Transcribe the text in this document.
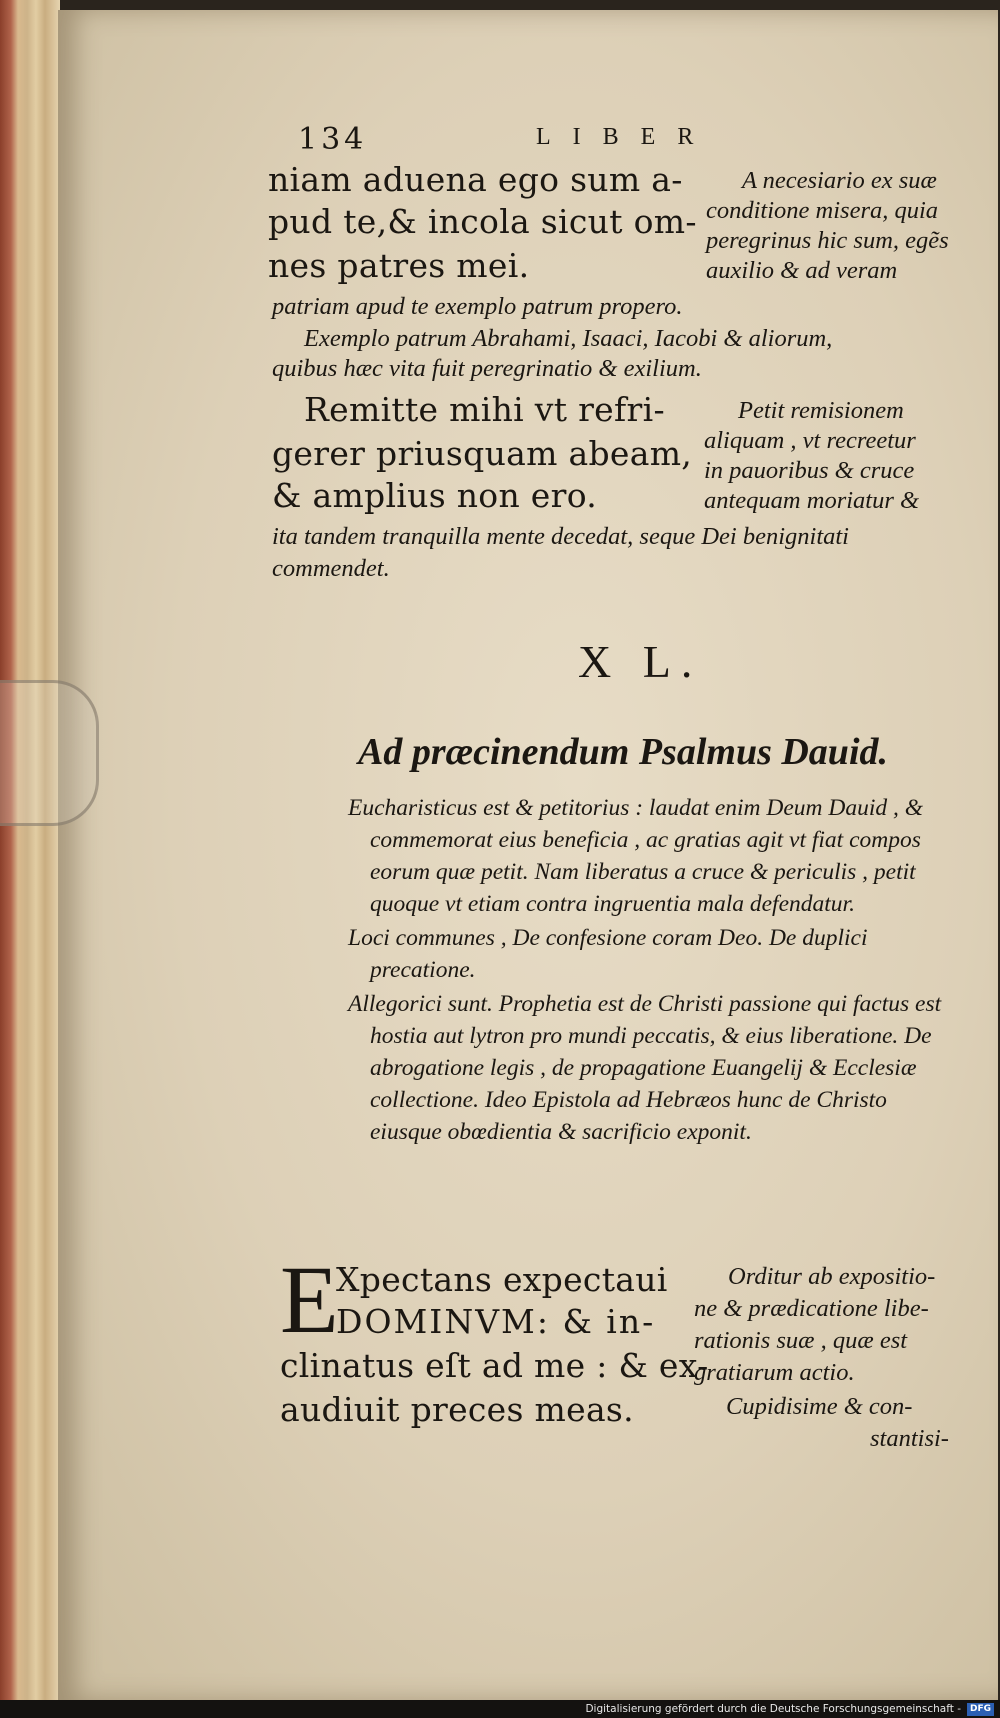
134	LIBER
niam aduena ego sum a-
pud te,& incola sicut om-
nes patres mei.
A necesiario ex suæ
conditione misera, quia
peregrinus hic sum, egẽs
auxilio & ad veram
patriam apud te exemplo patrum propero.
Exemplo patrum Abrahami, Isaaci, Iacobi & aliorum,
quibus hæc vita fuit peregrinatio & exilium.
Remitte mihi vt refri-
gerer priusquam abeam,
& amplius non ero.
Petit remisionem
aliquam , vt recreetur
in pauoribus & cruce
antequam moriatur &
ita tandem tranquilla mente decedat, seque Dei benignitati
commendet.
X L.
Ad præcinendum Psalmus Dauid.

Eucharisticus est & petitorius : laudat enim Deum Dauid , & commemorat eius beneficia , ac gratias agit vt fiat compos eorum quæ petit. Nam liberatus a cruce & periculis , petit quoque vt etiam contra ingruentia mala defendatur.

Loci communes , De confesione coram Deo. De duplici precatione.

Allegorici sunt. Prophetia est de Christi passione qui factus est hostia aut lytron pro mundi peccatis, & eius liberatione. De abrogatione legis , de propagatione Euangelij & Ecclesiæ collectione. Ideo Epistola ad Hebræos hunc de Christo eiusque obœdientia & sacrificio exponit.

E
Xpectans expectaui
DOMINVM: & in-
clinatus eſt ad me : & ex-
audiuit preces meas.
Orditur ab expositio-
ne & prædicatione libe-
rationis suæ , quæ est
gratiarum actio.
Cupidisime & con-
stantisi-
Digitalisierung gefördert durch die Deutsche Forschungsgemeinschaft - DFG
